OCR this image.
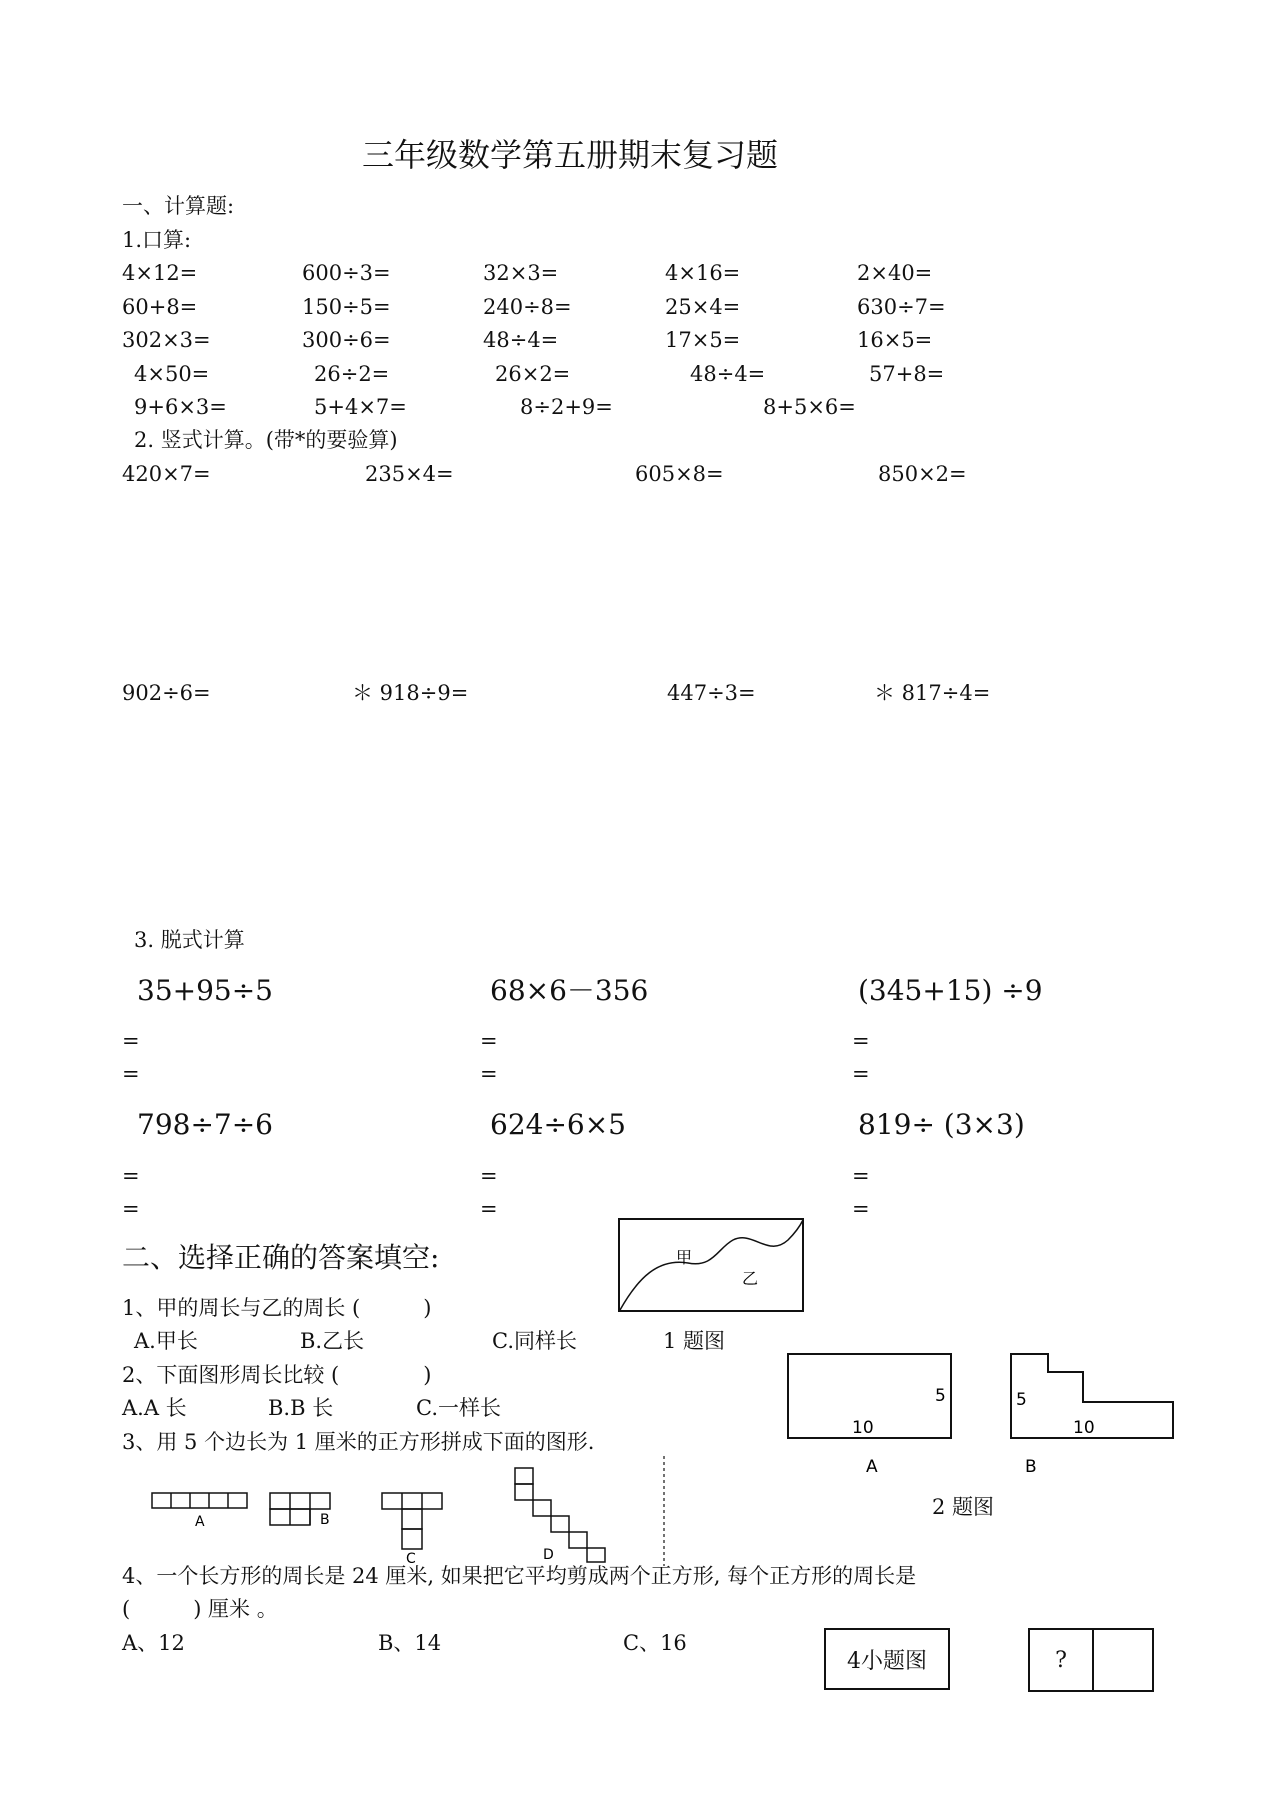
三年级数学第五册期末复习题
一、计算题:
1.口算:
4×12=	600÷3=	32×3=	4×16=	2×40=
60+8=	150÷5=	240÷8=	25×4=	630÷7=
302×3=	300÷6=	48÷4=	17×5=	16×5=
4×50=	26÷2=	26×2=	48÷4=	57+8=
9+6×3=	5+4×7=	8÷2+9=	8+5×6=
2. 竖式计算。(带*的要验算)
420×7=	235×4=	605×8=	850×2=
902÷6=	＊ 918÷9=	447÷3=	＊ 817÷4=
3. 脱式计算
35+95÷5	68×6－356	(345+15) ÷9
=	=	=
=	=	=
798÷7÷6	624÷6×5	819÷ (3×3)
=	=	=
=	=	=
二、选择正确的答案填空:	甲
乙
1、甲的周长与乙的周长 (　　　)
A.甲长	B.乙长	C.同样长	1 题图
2、下面图形周长比较 (　　　　)
A.A 长	B.B 长	C.一样长	5
10
A
5
10
B
2 题图
3、用 5 个边长为 1 厘米的正方形拼成下面的图形.
A	B
C	D
4、一个长方形的周长是 24 厘米, 如果把它平均剪成两个正方形, 每个正方形的周长是
(　　　) 厘米 。
A、12	B、14	C、16
4小题图	?
